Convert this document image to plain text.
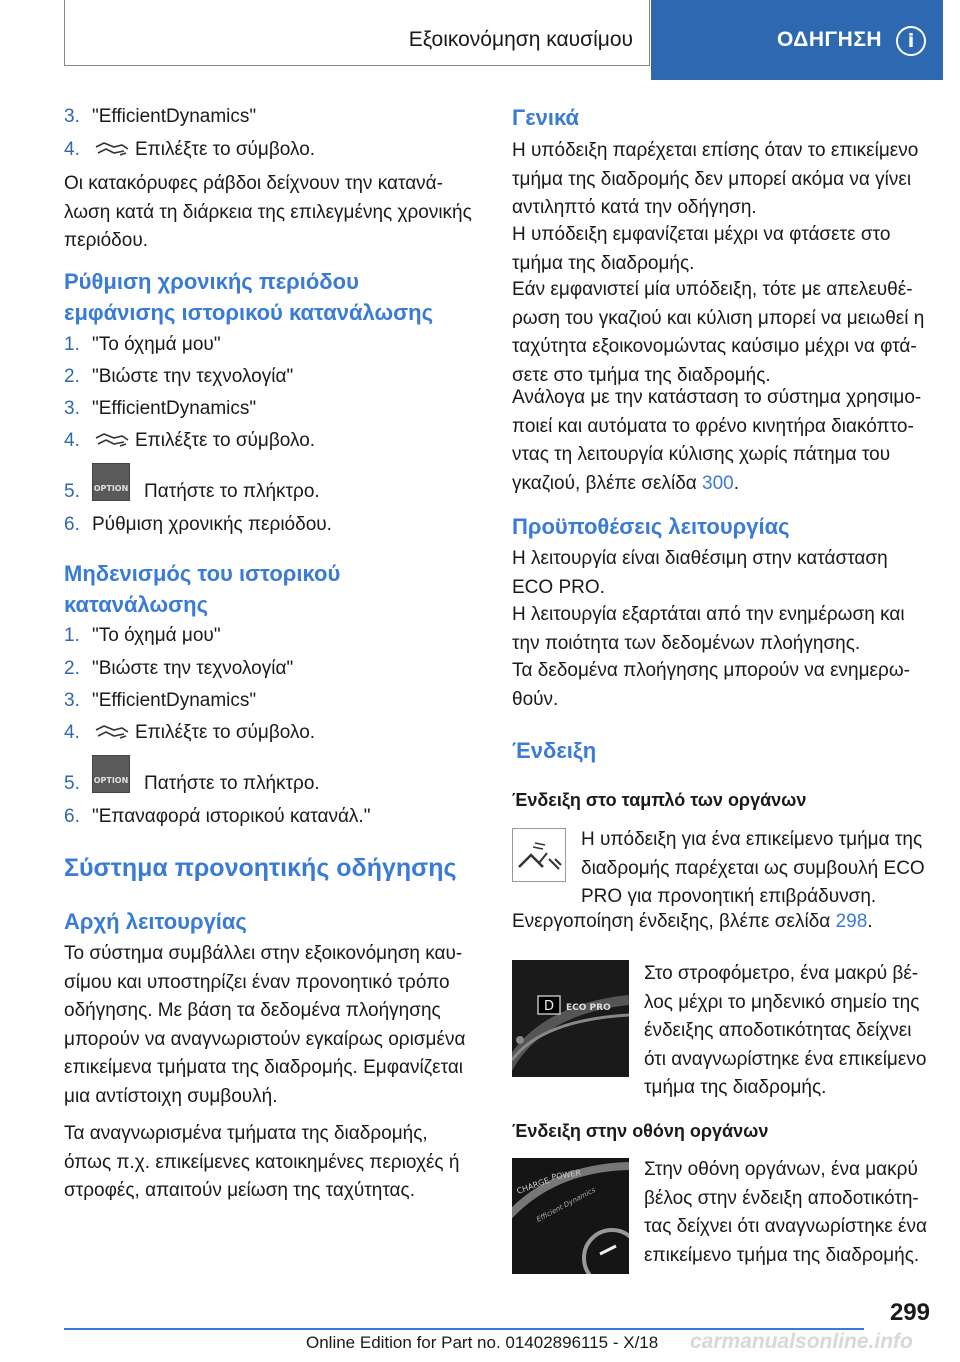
Εξοικονόμηση καυσίμου	ΟΔΗΓΗΣΗ	i
3. "EfficientDynamics"
4.	Επιλέξτε το σύμβολο.
Οι κατακόρυφες ράβδοι δείχνουν την κατανά-
λωση κατά τη διάρκεια της επιλεγμένης χρονικής
περιόδου.
Ρύθμιση χρονικής περιόδου
εμφάνισης ιστορικού κατανάλωσης
1. "Το όχημά μου"
2. "Βιώστε την τεχνολογία"
3. "EfficientDynamics"
4.	Επιλέξτε το σύμβολο.
5. OPTION Πατήστε το πλήκτρο.
6. Ρύθμιση χρονικής περιόδου.
Μηδενισμός του ιστορικού
κατανάλωσης
1. "Το όχημά μου"
2. "Βιώστε την τεχνολογία"
3. "EfficientDynamics"
4.	Επιλέξτε το σύμβολο.
5. OPTION Πατήστε το πλήκτρο.
6. "Επαναφορά ιστορικού κατανάλ."
Σύστημα προνοητικής οδήγησης
Αρχή λειτουργίας
Το σύστημα συμβάλλει στην εξοικονόμηση καυ-
σίμου και υποστηρίζει έναν προνοητικό τρόπο
οδήγησης. Με βάση τα δεδομένα πλοήγησης
μπορούν να αναγνωριστούν εγκαίρως ορισμένα
επικείμενα τμήματα της διαδρομής. Εμφανίζεται
μια αντίστοιχη συμβουλή.
Τα αναγνωρισμένα τμήματα της διαδρομής,
όπως π.χ. επικείμενες κατοικημένες περιοχές ή
στροφές, απαιτούν μείωση της ταχύτητας.
Γενικά
Η υπόδειξη παρέχεται επίσης όταν το επικείμενο
τμήμα της διαδρομής δεν μπορεί ακόμα να γίνει
αντιληπτό κατά την οδήγηση.
Η υπόδειξη εμφανίζεται μέχρι να φτάσετε στο
τμήμα της διαδρομής.
Εάν εμφανιστεί μία υπόδειξη, τότε με απελευθέ-
ρωση του γκαζιού και κύλιση μπορεί να μειωθεί η
ταχύτητα εξοικονομώντας καύσιμο μέχρι να φτά-
σετε στο τμήμα της διαδρομής.
Ανάλογα με την κατάσταση το σύστημα χρησιμο-
ποιεί και αυτόματα το φρένο κινητήρα διακόπτο-
ντας τη λειτουργία κύλισης χωρίς πάτημα του
γκαζιού, βλέπε σελίδα 300.
Προϋποθέσεις λειτουργίας
Η λειτουργία είναι διαθέσιμη στην κατάσταση
ECO PRO.
Η λειτουργία εξαρτάται από την ενημέρωση και
την ποιότητα των δεδομένων πλοήγησης.
Τα δεδομένα πλοήγησης μπορούν να ενημερω-
θούν.
Ένδειξη
Ένδειξη στο ταμπλό των οργάνων
Η υπόδειξη για ένα επικείμενο τμήμα της
διαδρομής παρέχεται ως συμβουλή ECO
PRO για προνοητική επιβράδυνση.
Ενεργοποίηση ένδειξης, βλέπε σελίδα 298.
D ECO PRO
Στο στροφόμετρο, ένα μακρύ βέ-
λος μέχρι το μηδενικό σημείο της
ένδειξης αποδοτικότητας δείχνει
ότι αναγνωρίστηκε ένα επικείμενο
τμήμα της διαδρομής.
Ένδειξη στην οθόνη οργάνων
CHARGE
POWER
Efficient Dynamics
Στην οθόνη οργάνων, ένα μακρύ
βέλος στην ένδειξη αποδοτικότη-
τας δείχνει ότι αναγνωρίστηκε ένα
επικείμενο τμήμα της διαδρομής.
299
Online Edition for Part no. 01402896115 - X/18 carmanualsonline.info
